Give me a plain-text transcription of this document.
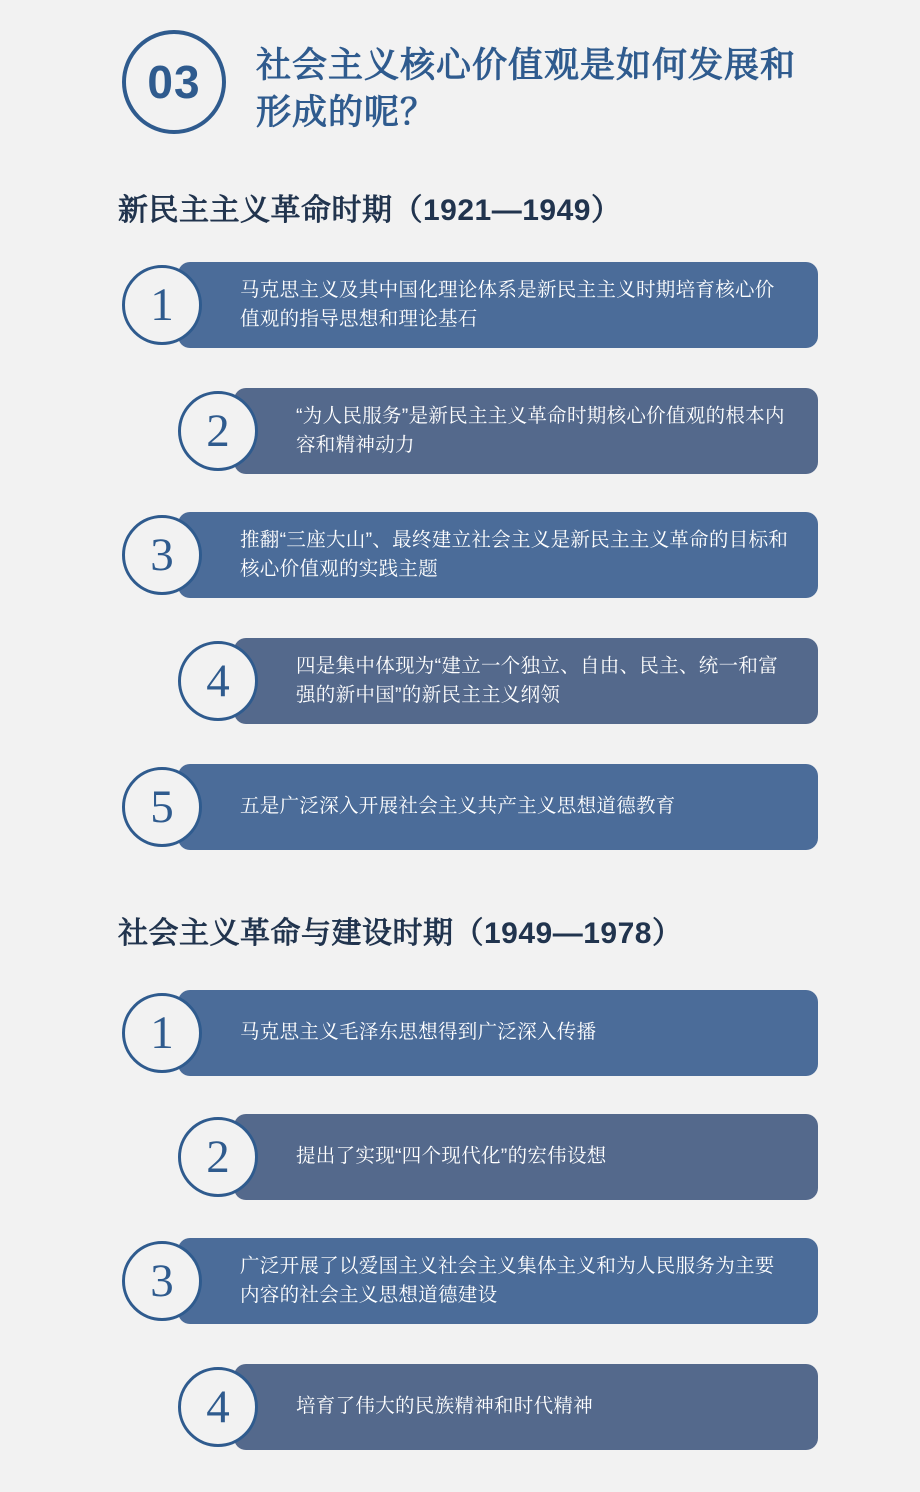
03 社会主义核心价值观是如何发展和形成的呢？
新民主主义革命时期（1921—1949）
马克思主义及其中国化理论体系是新民主主义时期培育核心价值观的指导思想和理论基石
1
“为人民服务”是新民主主义革命时期核心价值观的根本内容和精神动力
2
推翻“三座大山”、最终建立社会主义是新民主主义革命的目标和核心价值观的实践主题
3
四是集中体现为“建立一个独立、自由、民主、统一和富强的新中国”的新民主主义纲领
4
五是广泛深入开展社会主义共产主义思想道德教育
5
社会主义革命与建设时期（1949—1978）
马克思主义毛泽东思想得到广泛深入传播
1
提出了实现“四个现代化”的宏伟设想
2
广泛开展了以爱国主义社会主义集体主义和为人民服务为主要内容的社会主义思想道德建设
3
培育了伟大的民族精神和时代精神
4
